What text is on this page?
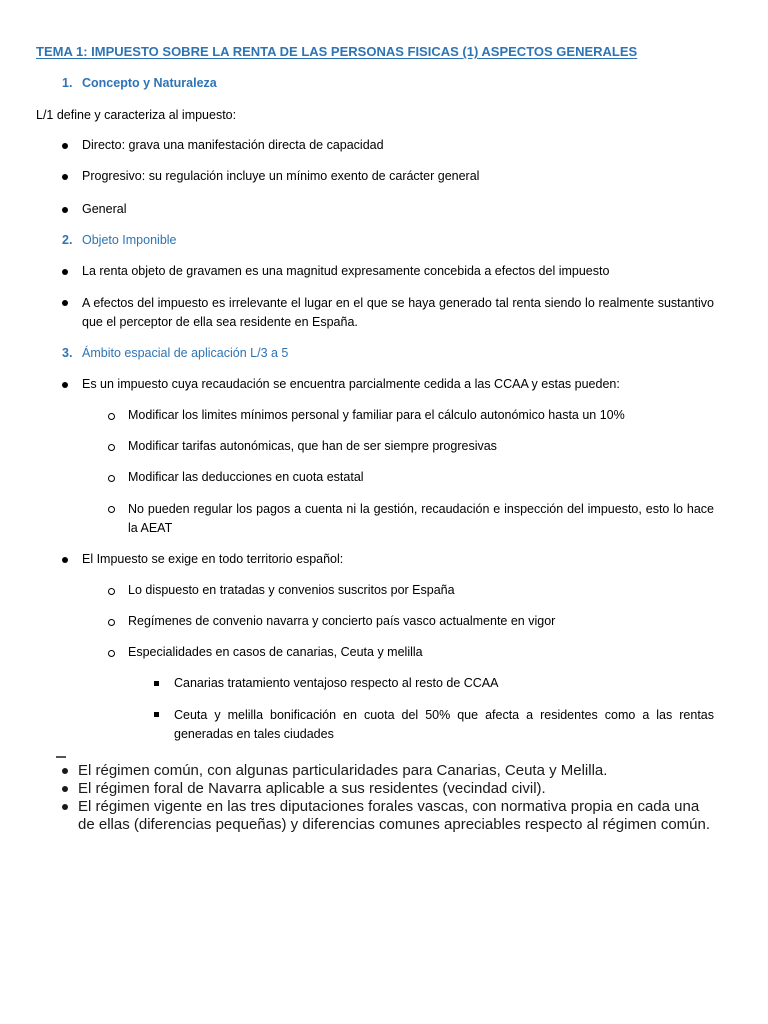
TEMA 1: IMPUESTO SOBRE LA RENTA DE LAS PERSONAS FISICAS (1) ASPECTOS GENERALES
1. Concepto y Naturaleza
L/1 define y caracteriza al impuesto:
Directo: grava una manifestación directa de capacidad
Progresivo: su regulación incluye un mínimo exento de carácter general
General
2. Objeto Imponible
La renta objeto de gravamen es una magnitud expresamente concebida a efectos del impuesto
A efectos del impuesto es irrelevante el lugar en el que se haya generado tal renta siendo lo realmente sustantivo que el perceptor de ella sea residente en España.
3. Ámbito espacial de aplicación L/3 a 5
Es un impuesto cuya recaudación se encuentra parcialmente cedida a las CCAA y estas pueden:
Modificar los limites mínimos personal y familiar para el cálculo autonómico hasta un 10%
Modificar tarifas autonómicas, que han de ser siempre progresivas
Modificar las deducciones en cuota estatal
No pueden regular los pagos a cuenta ni la gestión, recaudación e inspección del impuesto, esto lo hace la AEAT
El Impuesto se exige en todo territorio español:
Lo dispuesto en tratadas y convenios suscritos por España
Regímenes de convenio navarra y concierto país vasco actualmente en vigor
Especialidades en casos de canarias, Ceuta y melilla
Canarias tratamiento ventajoso respecto al resto de CCAA
Ceuta y melilla bonificación en cuota del 50% que afecta a residentes como a las rentas generadas en tales ciudades
El régimen común, con algunas particularidades para Canarias, Ceuta y Melilla.
El régimen foral de Navarra aplicable a sus residentes (vecindad civil).
El régimen vigente en las tres diputaciones forales vascas, con normativa propia en cada una de ellas (diferencias pequeñas) y diferencias comunes apreciables respecto al régimen común.
